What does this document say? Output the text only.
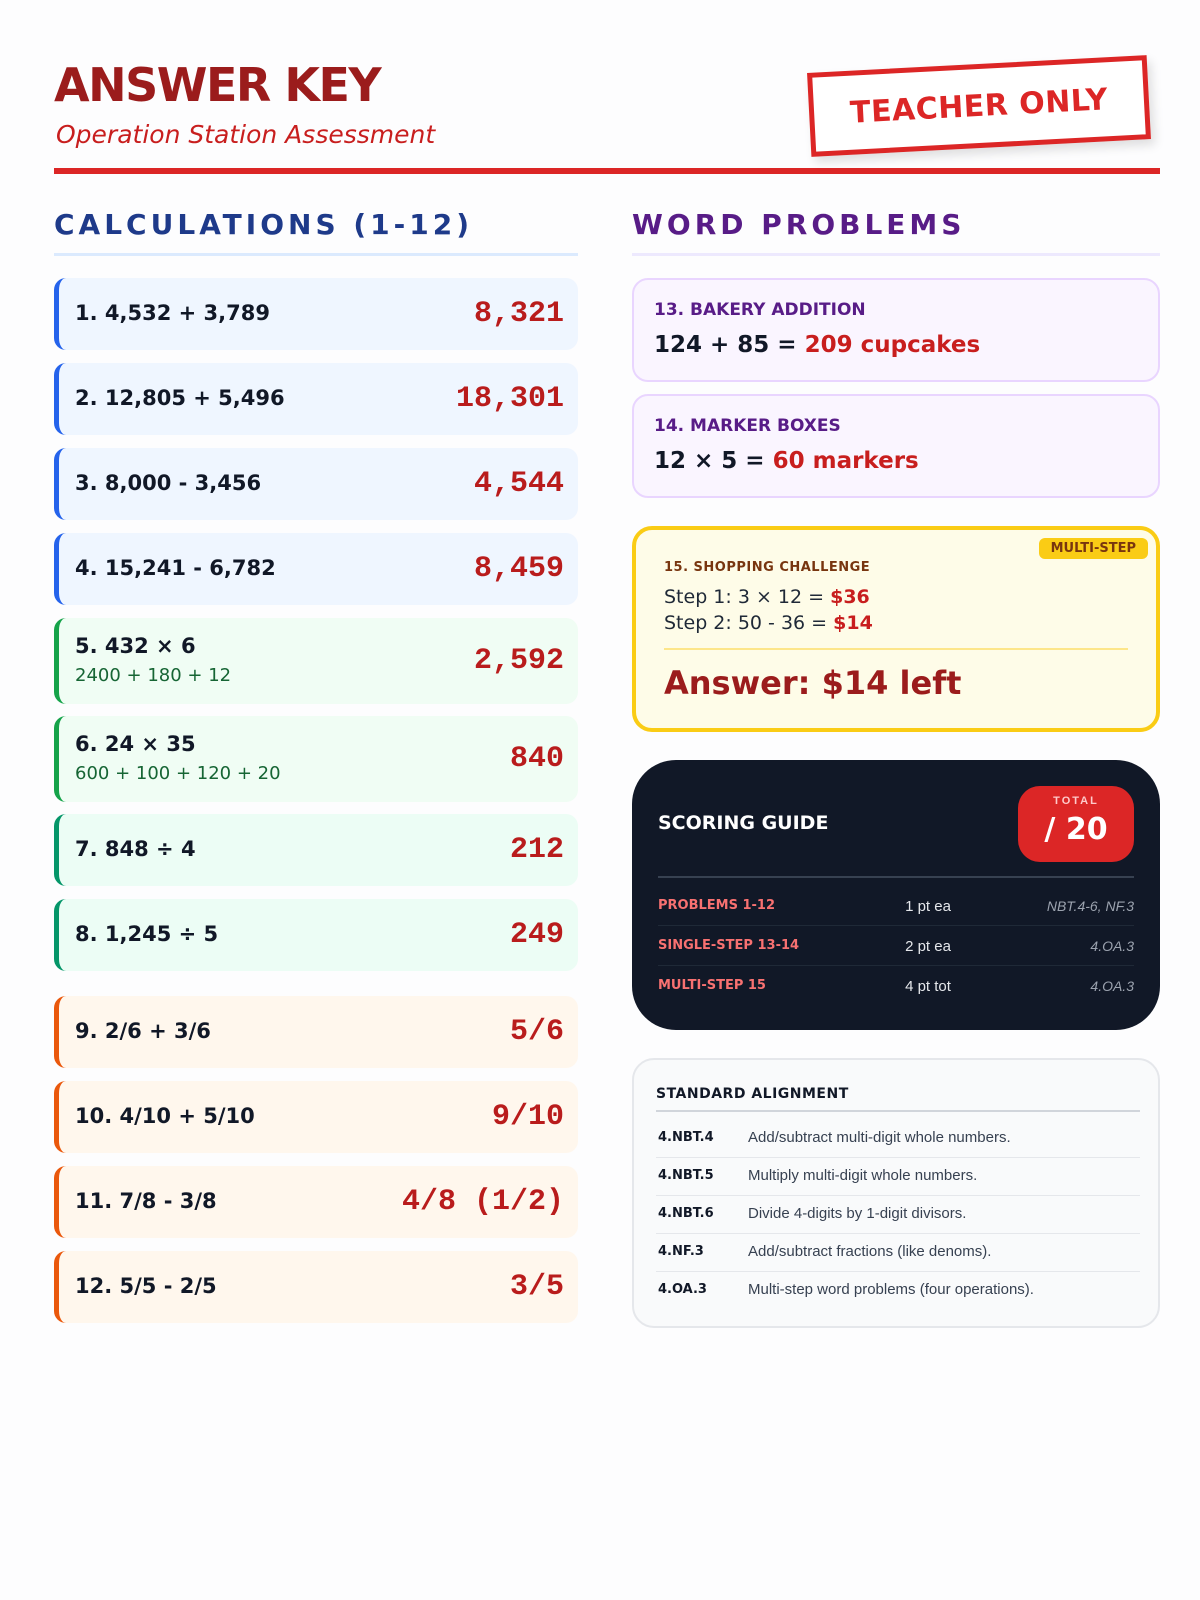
ANSWER KEY
Operation Station Assessment
TEACHER ONLY
CALCULATIONS (1-12)	WORD PROBLEMS
1. 4,532 + 3,789	8,321
2. 12,805 + 5,496	18,301
3. 8,000 - 3,456	4,544
4. 15,241 - 6,782	8,459
5. 432 × 6
2400 + 180 + 12	2,592
6. 24 × 35
600 + 100 + 120 + 20	840
7. 848 ÷ 4	212
8. 1,245 ÷ 5	249
9. 2/6 + 3/6	5/6
10. 4/10 + 5/10	9/10
11. 7/8 - 3/8	4/8 (1/2)
12. 5/5 - 2/5	3/5
13. BAKERY ADDITION
124 + 85 = 209 cupcakes
14. MARKER BOXES
12 × 5 = 60 markers
MULTI-STEP
15. SHOPPING CHALLENGE
Step 1: 3 × 12 = $36
Step 2: 50 - 36 = $14
Answer: $14 left
SCORING GUIDE
TOTAL
/ 20
PROBLEMS 1-12	1 pt ea	NBT.4-6, NF.3
SINGLE-STEP 13-14	2 pt ea	4.OA.3
MULTI-STEP 15	4 pt tot	4.OA.3
STANDARD ALIGNMENT
4.NBT.4 Add/subtract multi-digit whole numbers.
4.NBT.5 Multiply multi-digit whole numbers.
4.NBT.6 Divide 4-digits by 1-digit divisors.
4.NF.3	Add/subtract fractions (like denoms).
4.OA.3	Multi-step word problems (four operations).
